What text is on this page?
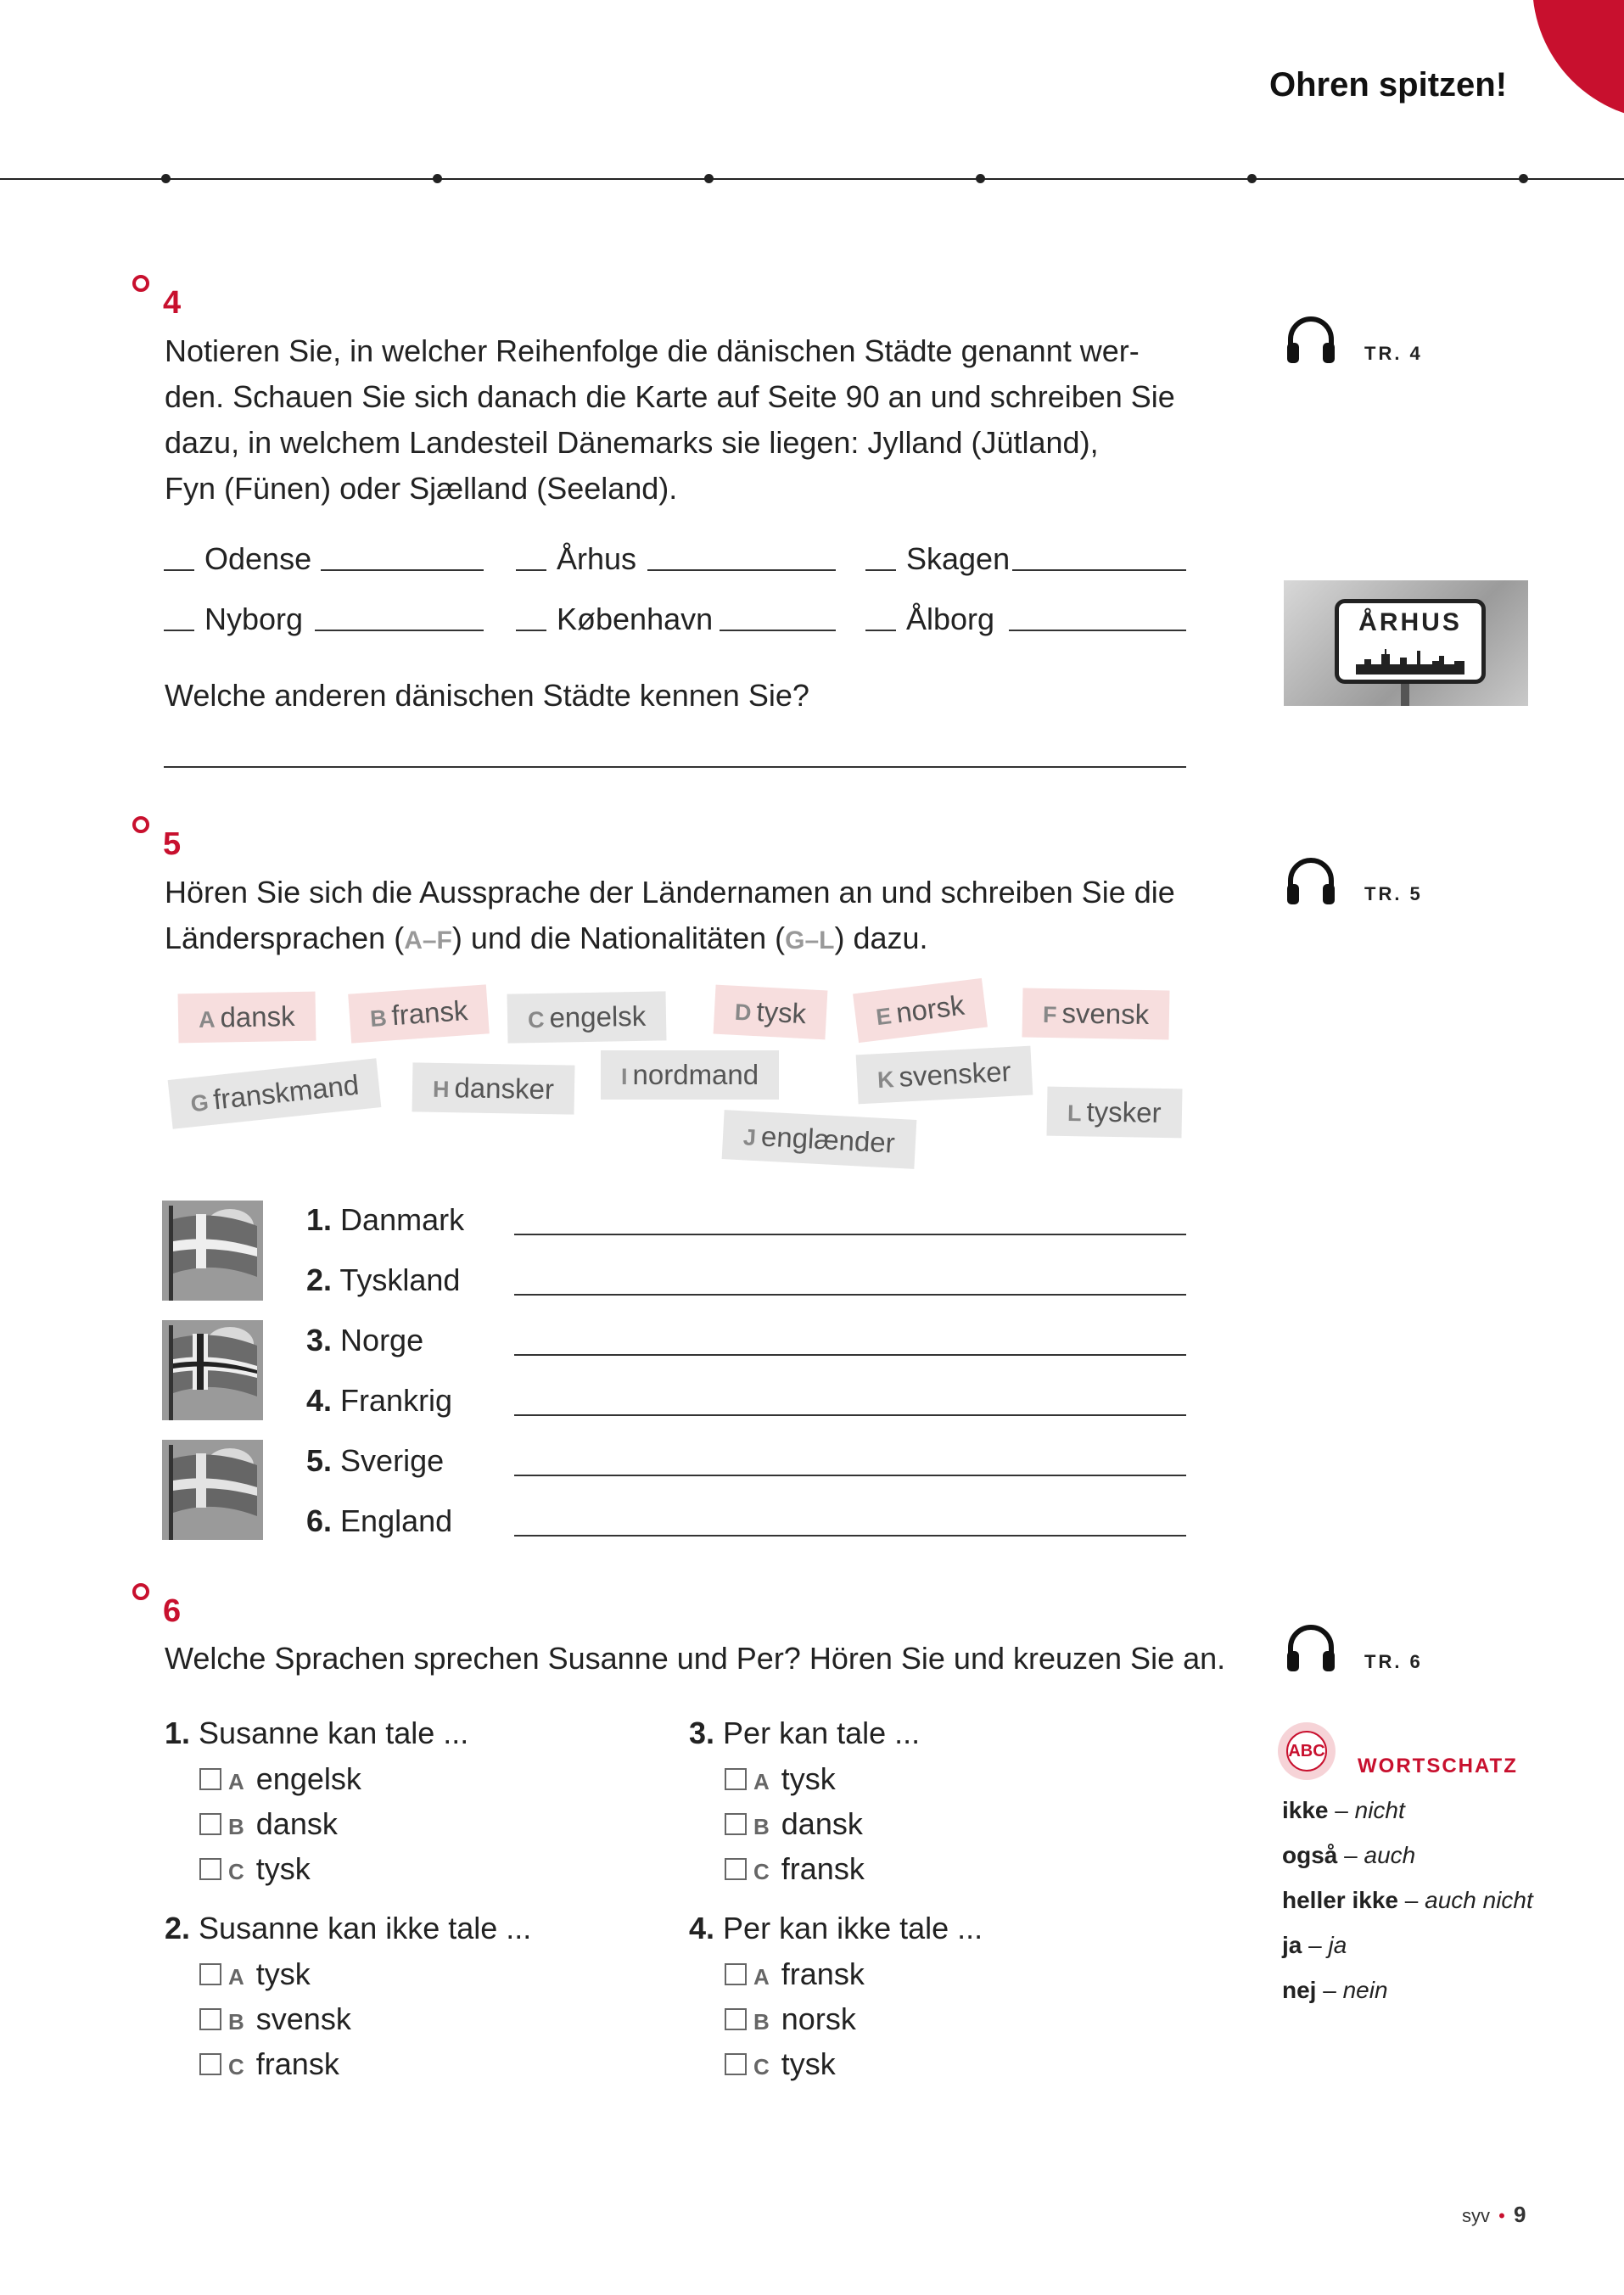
Ohren spitzen!
4
Notieren Sie, in welcher Reihenfolge die dänischen Städte genannt wer-
den. Schauen Sie sich danach die Karte auf Seite 90 an und schreiben Sie
dazu, in welchem Landesteil Dänemarks sie liegen: Jylland (Jütland),
Fyn (Fünen) oder Sjælland (Seeland).
TR. 4
Odense	Århus	Skagen
Nyborg	København	Ålborg
Welche anderen dänischen Städte kennen Sie?
ÅRHUS
5
Hören Sie sich die Aussprache der Ländernamen an und schreiben Sie die
Ländersprachen (A–F) und die Nationalitäten (G–L) dazu.
TR. 5
A dansk	B fransk	C engelsk	D tysk	Enorsk	F svensk
Gfranskmand	H dansker	I nordmand
J englænder
K svensker
L tysker
1. Danmark
2. Tyskland
3. Norge
4. Frankrig
5. Sverige
6. England
6
Welche Sprachen sprechen Susanne und Per? Hören Sie und kreuzen Sie an.	TR. 6
1. Susanne kan tale ...
A engelsk
B dansk
C tysk
2. Susanne kan ikke tale ...
A tysk
B svensk
C fransk
3. Per kan tale ...
A tysk
B dansk
C fransk
4. Per kan ikke tale ...
A fransk
B norsk
C tysk
ABC
WORTSCHATZ
ikke – nicht
også – auch
heller ikke – auch nicht
ja – ja
nej – nein
syv • 9
